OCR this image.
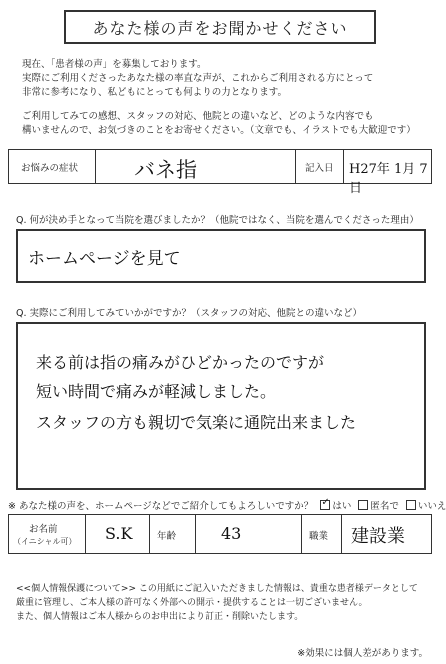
あなた様の声をお聞かせください

現在、「患者様の声」を募集しております。

実際にご利用くださったあなた様の率直な声が、これからご利用される方にとって

非常に参考になり、私どもにとっても何よりの力となります。

ご利用してみての感想、スタッフの対応、他院との違いなど、どのような内容でも

構いませんので、お気づきのことをお寄せください。（文章でも、イラストでも大歓迎です）

お悩みの症状	バネ指	記入日 H27年 1月 7日
Q. 何が決め手となって当院を選びましたか？（他院ではなく、当院を選んでくださった理由）
ホームページを見て
Q. 実際にご利用してみていかがですか？（スタッフの対応、他院との違いなど）
来る前は指の痛みがひどかったのですが
短い時間で痛みが軽減しました。
スタッフの方も親切で気楽に通院出来ました
※ あなた様の声を、ホームページなどでご紹介してもよろしいですか？ ✓ はい 匿名で いいえ
お名前
（イニシャル可） S.K	年齢	43	職業 建設業

<<個人情報保護について>> この用紙にご記入いただきました情報は、貴重な患者様データとして

厳重に管理し、ご本人様の許可なく外部への開示・提供することは一切ございません。

また、個人情報はご本人様からのお申出により訂正・削除いたします。

※効果には個人差があります。
